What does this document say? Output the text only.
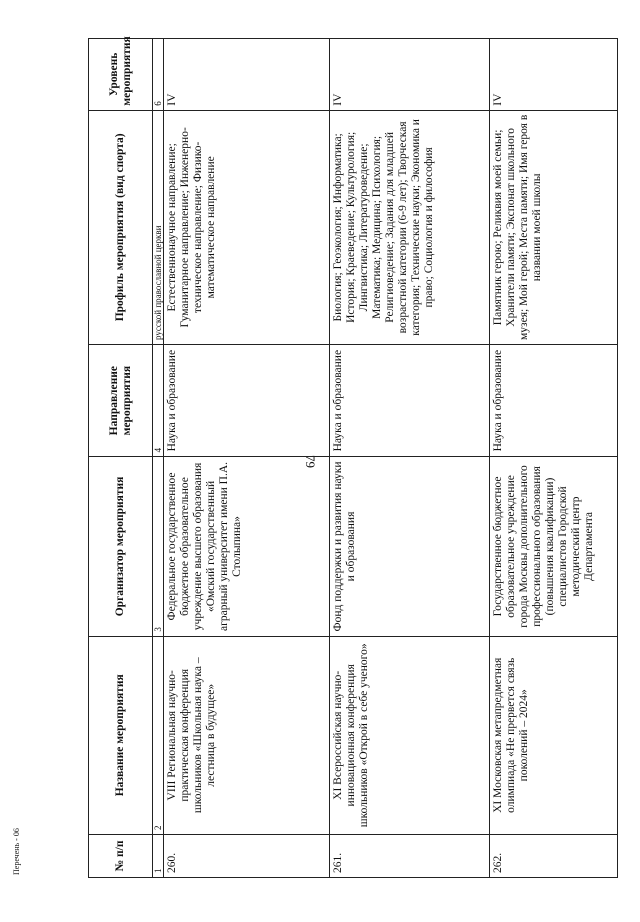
79
Перечень - 06	№ п/п	Название мероприятия	Организатор мероприятия	Направление мероприятия	Профиль мероприятия (вид спорта)	Уровень мероприятия
1	2	3	4	русской православной церкви	6
260.	VIII Региональная научно-практическая конференция школьников «Школьная наука – лестница в будущее»	Федеральное государственное бюджетное образовательное учреждение высшего образования «Омский государственный аграрный университет имени П.А. Столыпина»	Наука и образование	Естественнонаучное направление; Гуманитарное направление; Инженерно-техническое направление; Физико-математическое направление	IV
261.	XI Всероссийская научно-инновационная конференция школьников «Открой в себе ученого»	Фонд поддержки и развития науки и образования	Наука и образование	Биология; Геоэкология; Информатика; История; Краеведение; Культурология; Лингвистика; Литературоведение; Математика; Медицина; Психология; Религиоведение; Задания для младшей возрастной категории (6-9 лет); Творческая категория; Технические науки; Экономика и право; Социология и философия	IV
262.	XI Московская метапредметная олимпиада «Не прервется связь поколений – 2024»	Государственное бюджетное образовательное учреждение города Москвы дополнительного профессионального образования (повышения квалификации) специалистов Городской методический центр Департамента	Наука и образование	Памятник герою; Реликвия моей семьи; Хранители памяти; Экспонат школьного музея; Мой герой; Места памяти; Имя героя в названии моей школы	IV
